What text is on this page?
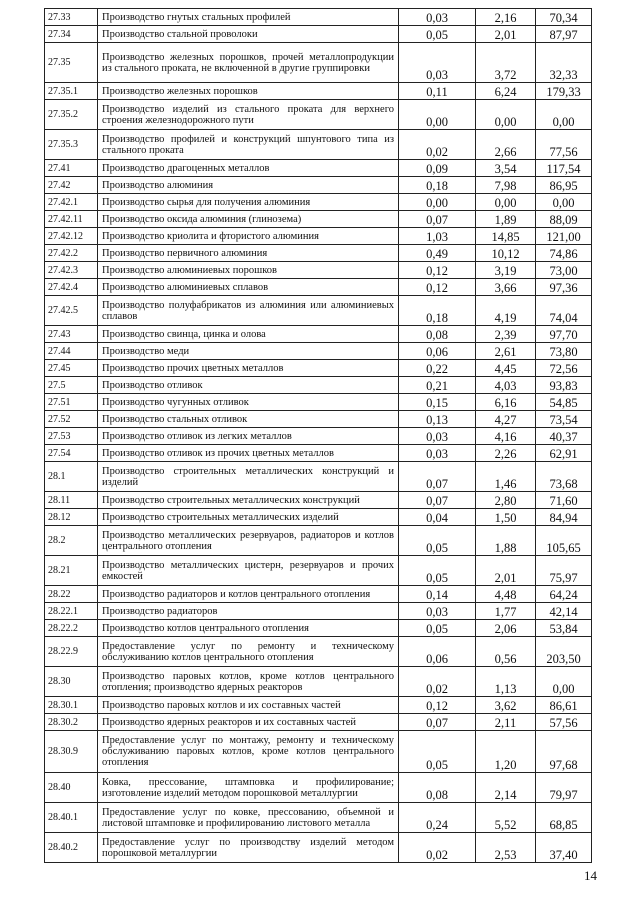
27.33	Производство гнутых стальных профилей	0,03	2,16	70,34
27.34	Производство стальной проволоки	0,05	2,01	87,97
27.35	Производство железных порошков, прочей металлопродукции из стального проката, не включенной в другие группировки	0,03	3,72	32,33
27.35.1	Производство железных порошков	0,11	6,24	179,33
27.35.2	Производство изделий из стального проката для верхнего строения железнодорожного пути	0,00	0,00	0,00
27.35.3	Производство профилей и конструкций шпунтового типа из стального проката	0,02	2,66	77,56
27.41	Производство драгоценных металлов	0,09	3,54	117,54
27.42	Производство алюминия	0,18	7,98	86,95
27.42.1	Производство сырья для получения алюминия	0,00	0,00	0,00
27.42.11	Производство оксида алюминия (глинозема)	0,07	1,89	88,09
27.42.12	Производство криолита и фтористого алюминия	1,03	14,85	121,00
27.42.2	Производство первичного алюминия	0,49	10,12	74,86
27.42.3	Производство алюминиевых порошков	0,12	3,19	73,00
27.42.4	Производство алюминиевых сплавов	0,12	3,66	97,36
27.42.5	Производство полуфабрикатов из алюминия или алюминиевых сплавов	0,18	4,19	74,04
27.43	Производство свинца, цинка и олова	0,08	2,39	97,70
27.44	Производство меди	0,06	2,61	73,80
27.45	Производство прочих цветных металлов	0,22	4,45	72,56
27.5	Производство отливок	0,21	4,03	93,83
27.51	Производство чугунных отливок	0,15	6,16	54,85
27.52	Производство стальных отливок	0,13	4,27	73,54
27.53	Производство отливок из легких металлов	0,03	4,16	40,37
27.54	Производство отливок из прочих цветных металлов	0,03	2,26	62,91
28.1	Производство строительных металлических конструкций и изделий	0,07	1,46	73,68
28.11	Производство строительных металлических конструкций	0,07	2,80	71,60
28.12	Производство строительных металлических изделий	0,04	1,50	84,94
28.2	Производство металлических резервуаров, радиаторов и котлов центрального отопления	0,05	1,88	105,65
28.21	Производство металлических цистерн, резервуаров и прочих емкостей	0,05	2,01	75,97
28.22	Производство радиаторов и котлов центрального отопления	0,14	4,48	64,24
28.22.1	Производство радиаторов	0,03	1,77	42,14
28.22.2	Производство котлов центрального отопления	0,05	2,06	53,84
28.22.9	Предоставление услуг по ремонту и техническому обслуживанию котлов центрального отопления	0,06	0,56	203,50
28.30	Производство паровых котлов, кроме котлов центрального отопления; производство ядерных реакторов	0,02	1,13	0,00
28.30.1	Производство паровых котлов и их составных частей	0,12	3,62	86,61
28.30.2	Производство ядерных реакторов и их составных частей	0,07	2,11	57,56
28.30.9	Предоставление услуг по монтажу, ремонту и техническому обслуживанию паровых котлов, кроме котлов центрального отопления	0,05	1,20	97,68
28.40	Ковка, прессование, штамповка и профилирование; изготовление изделий методом порошковой металлургии	0,08	2,14	79,97
28.40.1	Предоставление услуг по ковке, прессованию, объемной и листовой штамповке и профилированию листового металла	0,24	5,52	68,85
28.40.2	Предоставление услуг по производству изделий методом порошковой металлургии	0,02	2,53	37,40
14
